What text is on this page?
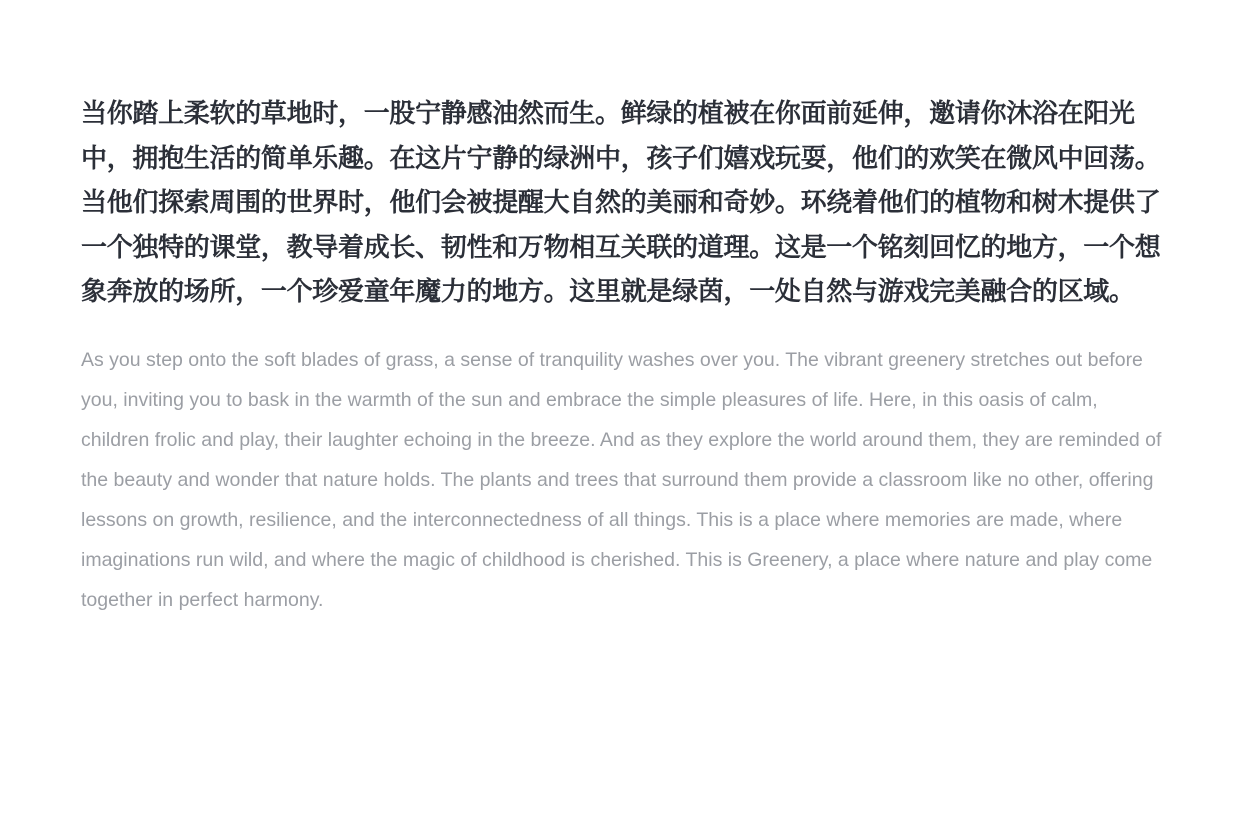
当你踏上柔软的草地时，一股宁静感油然而生。鲜绿的植被在你面前延伸，邀请你沐浴在阳光中，拥抱生活的简单乐趣。在这片宁静的绿洲中，孩子们嬉戏玩耍，他们的欢笑在微风中回荡。当他们探索周围的世界时，他们会被提醒大自然的美丽和奇妙。环绕着他们的植物和树木提供了一个独特的课堂，教导着成长、韧性和万物相互关联的道理。这是一个铭刻回忆的地方，一个想象奔放的场所，一个珍爱童年魔力的地方。这里就是绿茵，一处自然与游戏完美融合的区域。

As you step onto the soft blades of grass, a sense of tranquility washes over you. The vibrant greenery stretches out before you, inviting you to bask in the warmth of the sun and embrace the simple pleasures of life. Here, in this oasis of calm, children frolic and play, their laughter echoing in the breeze. And as they explore the world around them, they are reminded of the beauty and wonder that nature holds. The plants and trees that surround them provide a classroom like no other, offering lessons on growth, resilience, and the interconnectedness of all things. This is a place where memories are made, where imaginations run wild, and where the magic of childhood is cherished. This is Greenery, a place where nature and play come together in perfect harmony.
